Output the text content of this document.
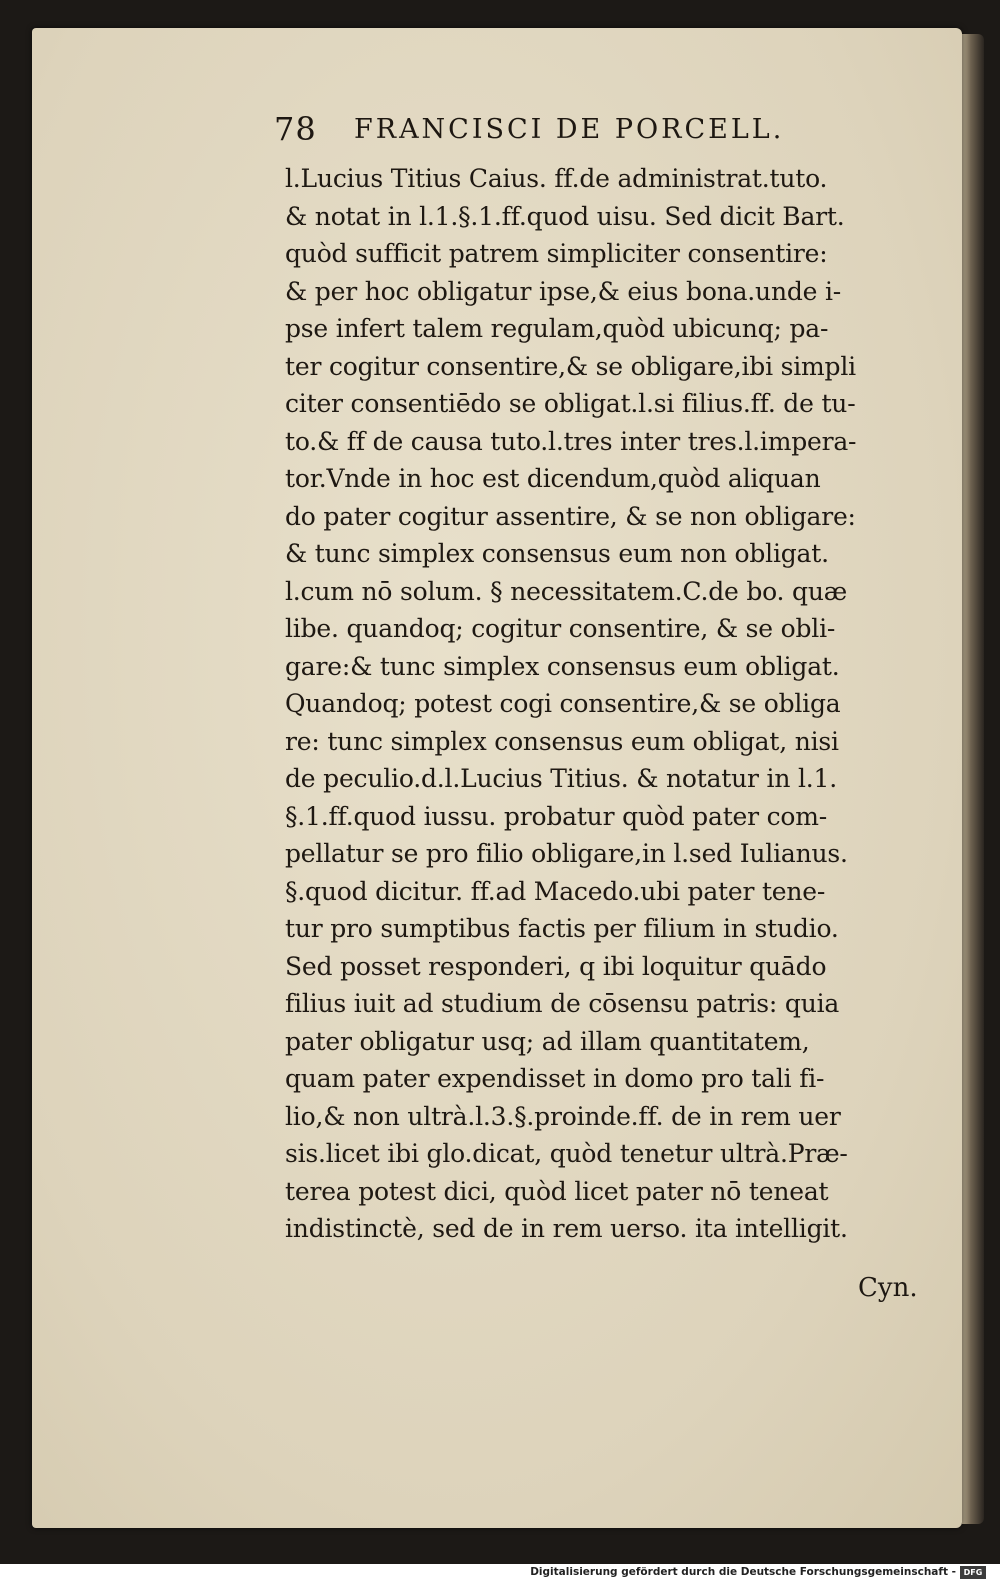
78 FRANCISCI DE PORCELL.
l.Lucius Titius Caius. ff.de administrat.tuto.
& notat in l.1.§.1.ff.quod uisu. Sed dicit Bart.
quòd sufficit patrem simpliciter consentire:
& per hoc obligatur ipse,& eius bona.unde i-
pse infert talem regulam,quòd ubicunq; pa-
ter cogitur consentire,& se obligare,ibi simpli
citer consentiēdo se obligat.l.si filius.ff. de tu-
to.& ff de causa tuto.l.tres inter tres.l.impera-
tor.Vnde in hoc est dicendum,quòd aliquan
do pater cogitur assentire, & se non obligare:
& tunc simplex consensus eum non obligat.
l.cum nō solum. § necessitatem.C.de bo. quæ
libe. quandoq; cogitur consentire, & se obli-
gare:& tunc simplex consensus eum obligat.
Quandoq; potest cogi consentire,& se obliga
re: tunc simplex consensus eum obligat, nisi
de peculio.d.l.Lucius Titius. & notatur in l.1.
§.1.ff.quod iussu. probatur quòd pater com-
pellatur se pro filio obligare,in l.sed Iulianus.
§.quod dicitur. ff.ad Macedo.ubi pater tene-
tur pro sumptibus factis per filium in studio.
Sed posset responderi, q ibi loquitur quādo
filius iuit ad studium de cōsensu patris: quia
pater obligatur usq; ad illam quantitatem,
quam pater expendisset in domo pro tali fi-
lio,& non ultrà.l.3.§.proinde.ff. de in rem uer
sis.licet ibi glo.dicat, quòd tenetur ultrà.Præ-
terea potest dici, quòd licet pater nō teneat
indistinctè, sed de in rem uerso. ita intelligit.
Cyn.
Digitalisierung gefördert durch die Deutsche Forschungsgemeinschaft - DFG
